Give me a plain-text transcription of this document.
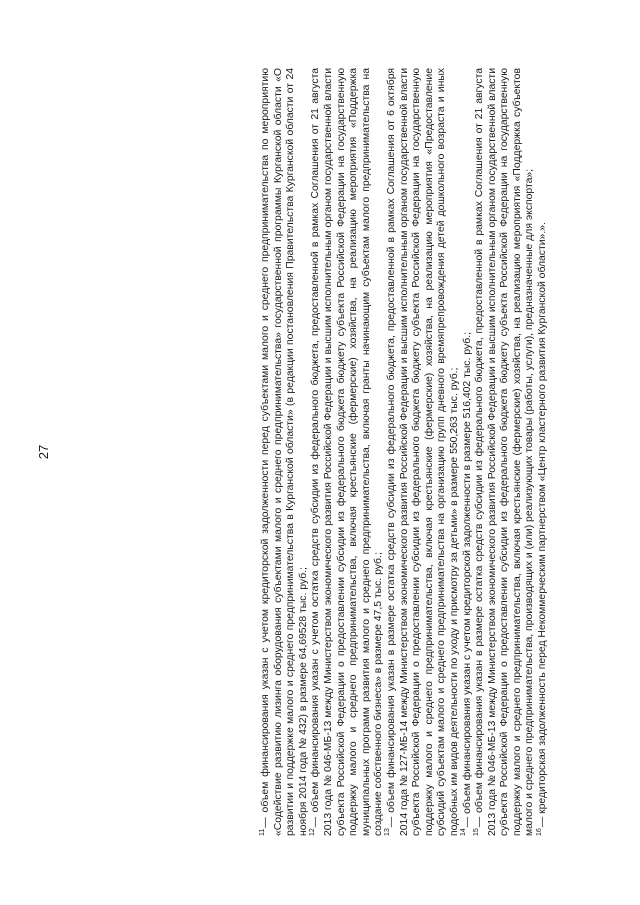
27

$^{11}$— объем финансирования указан с учетом кредиторской задолженности перед субъектами малого и среднего предпринимательства по мероприятию «Содействие развитию лизинга оборудования субъектами малого и среднего предпринимательства» государственной программы Курганской области «О развитии и поддержке малого и среднего предпринимательства в Курганской области» (в редакции постановления Правительства Курганской области от 24 ноября 2014 года № 432) в размере 64,69528 тыс. руб.; $^{12}$— объем финансирования указан с учетом остатка средств субсидии из федерального бюджета, предоставленной в рамках Соглашения от 21 августа 2013 года № 046-МБ-13 между Министерством экономического развития Российской Федерации и высшим исполнительным органом государственной власти субъекта Российской Федерации о предоставлении субсидии из федерального бюджета бюджету субъекта Российской Федерации на государственную поддержку малого и среднего предпринимательства, включая крестьянские (фермерские) хозяйства, на реализацию мероприятия «Поддержка муниципальных программ развития малого и среднего предпринимательства, включая гранты начинающим субъектам малого предпринимательства на создание собственного бизнеса» в размере 47,5 тыс. руб.; $^{13}$— объем финансирования указан в размере остатка средств субсидии из федерального бюджета, предоставленной в рамках Соглашения от 6 октября 2014 года № 127-МБ-14 между Министерством экономического развития Российской Федерации и высшим исполнительным органом государственной власти субъекта Российской Федерации о предоставлении субсидии из федерального бюджета бюджету субъекта Российской Федерации на государственную поддержку малого и среднего предпринимательства, включая крестьянские (фермерские) хозяйства, на реализацию мероприятия «Предоставление субсидий субъектам малого и среднего предпринимательства на организацию групп дневного времяпрепровождения детей дошкольного возраста и иных подобных им видов деятельности по уходу и присмотру за детьми» в размере 550,263 тыс. руб.; $^{14}$— объем финансирования указан с учетом кредиторской задолженности в размере 516,402 тыс. руб.;

$^{15}$— объем финансирования указан в размере остатка средств субсидии из федерального бюджета, предоставленной в рамках Соглашения от 21 августа 2013 года № 046-МБ-13 между Министерством экономического развития Российской Федерации и высшим исполнительным органом государственной власти субъекта Российской Федерации о предоставлении субсидии из федерального бюджета бюджету субъекта Российской Федерации на государственную поддержку малого и среднего предпринимательства, включая крестьянские (фермерские) хозяйства, на реализацию мероприятия «Поддержка субъектов малого и среднего предпринимательства, производящих и (или) реализующих товары (работы, услуги), предназначенные для экспорта»; $^{16}$— кредиторская задолженность перед Некоммерческим партнерством «Центр кластерного развития Курганской области».».
